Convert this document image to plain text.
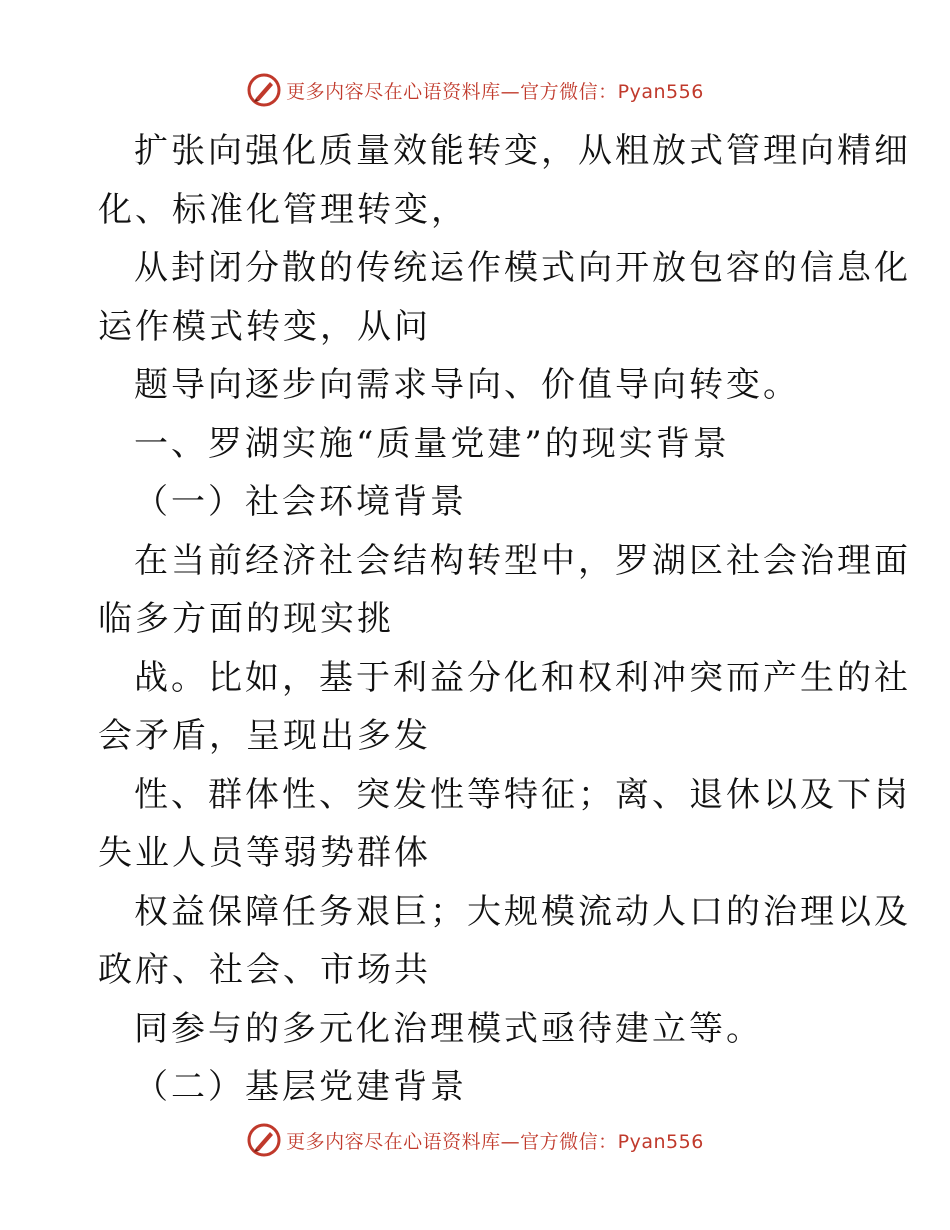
更多内容尽在心语资料库—官方微信：Pyan556

扩张向强化质量效能转变，从粗放式管理向精细

化、标准化管理转变，

从封闭分散的传统运作模式向开放包容的信息化

运作模式转变，从问

题导向逐步向需求导向、价值导向转变。

一、罗湖实施“质量党建”的现实背景

（一）社会环境背景

在当前经济社会结构转型中，罗湖区社会治理面

临多方面的现实挑

战。比如，基于利益分化和权利冲突而产生的社

会矛盾，呈现出多发

性、群体性、突发性等特征；离、退休以及下岗

失业人员等弱势群体

权益保障任务艰巨；大规模流动人口的治理以及

政府、社会、市场共

同参与的多元化治理模式亟待建立等。

（二）基层党建背景

更多内容尽在心语资料库—官方微信：Pyan556
